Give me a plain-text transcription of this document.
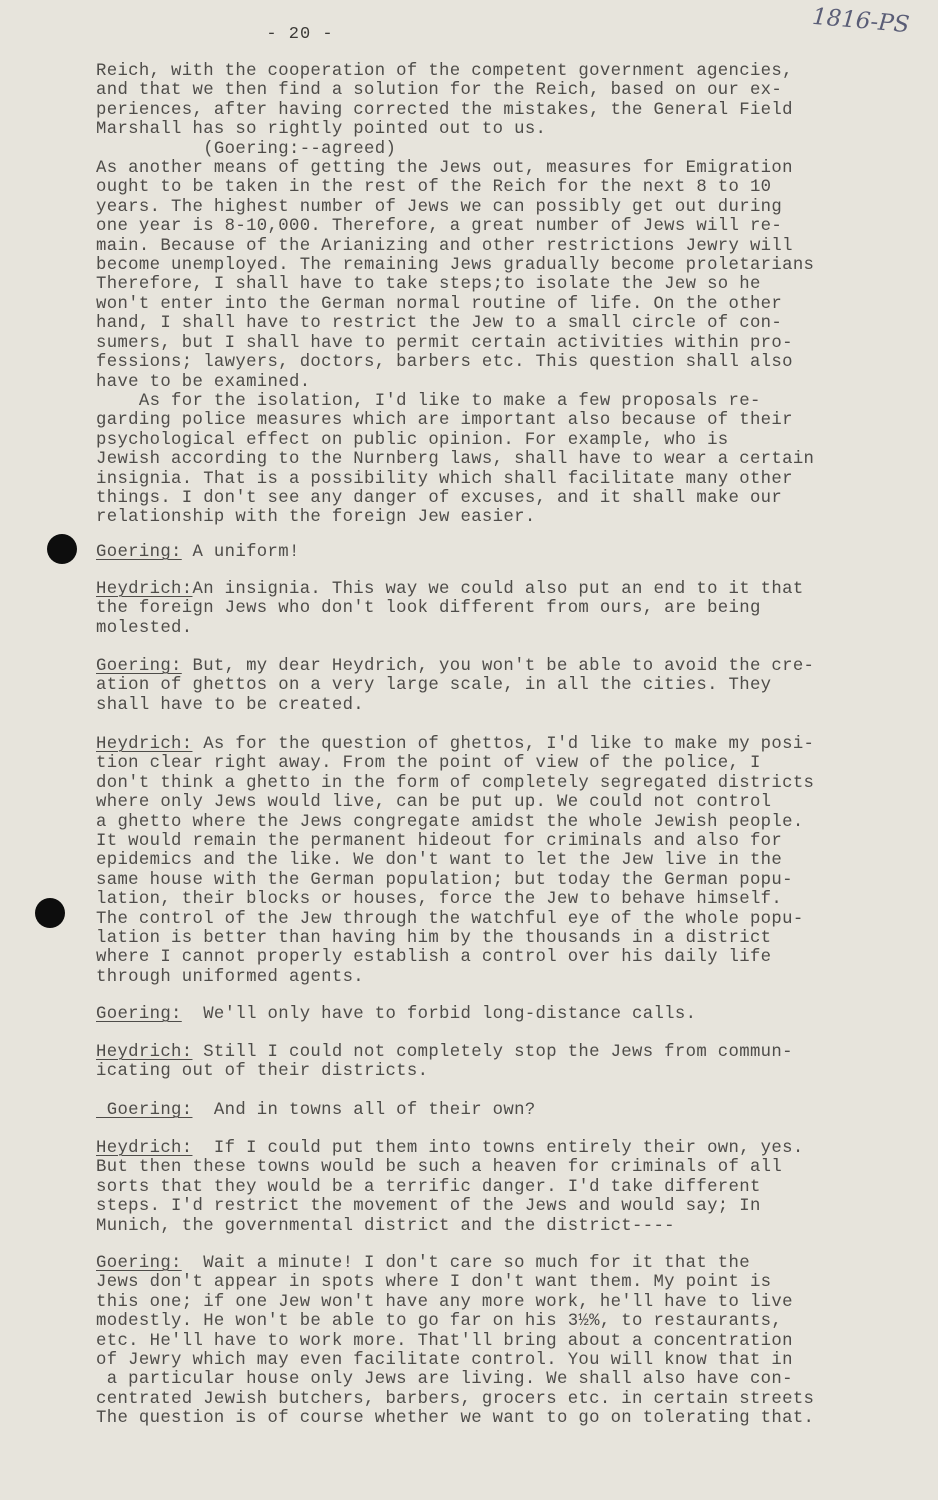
- 20 -	1816-PS
Reich, with the cooperation of the competent government agencies,
and that we then find a solution for the Reich, based on our ex-
periences, after having corrected the mistakes, the General Field
Marshall has so rightly pointed out to us.
(Goering:--agreed)
As another means of getting the Jews out, measures for Emigration
ought to be taken in the rest of the Reich for the next 8 to 10
years. The highest number of Jews we can possibly get out during
one year is 8-10,000. Therefore, a great number of Jews will re-
main. Because of the Arianizing and other restrictions Jewry will
become unemployed. The remaining Jews gradually become proletarians
Therefore, I shall have to take steps;to isolate the Jew so he
won't enter into the German normal routine of life. On the other
hand, I shall have to restrict the Jew to a small circle of con-
sumers, but I shall have to permit certain activities within pro-
fessions; lawyers, doctors, barbers etc. This question shall also
have to be examined.
As for the isolation, I'd like to make a few proposals re-
garding police measures which are important also because of their
psychological effect on public opinion. For example, who is
Jewish according to the Nurnberg laws, shall have to wear a certain
insignia. That is a possibility which shall facilitate many other
things. I don't see any danger of excuses, and it shall make our
relationship with the foreign Jew easier.
Goering: A uniform!
Heydrich:An insignia. This way we could also put an end to it that
the foreign Jews who don't look different from ours, are being
molested.
Goering: But, my dear Heydrich, you won't be able to avoid the cre-
ation of ghettos on a very large scale, in all the cities. They
shall have to be created.
Heydrich: As for the question of ghettos, I'd like to make my posi-
tion clear right away. From the point of view of the police, I
don't think a ghetto in the form of completely segregated districts
where only Jews would live, can be put up. We could not control
a ghetto where the Jews congregate amidst the whole Jewish people.
It would remain the permanent hideout for criminals and also for
epidemics and the like. We don't want to let the Jew live in the
same house with the German population; but today the German popu-
lation, their blocks or houses, force the Jew to behave himself.
The control of the Jew through the watchful eye of the whole popu-
lation is better than having him by the thousands in a district
where I cannot properly establish a control over his daily life
through uniformed agents.
Goering:  We'll only have to forbid long-distance calls.
Heydrich: Still I could not completely stop the Jews from commun-
icating out of their districts.
Goering:  And in towns all of their own?
Heydrich:  If I could put them into towns entirely their own, yes.
But then these towns would be such a heaven for criminals of all
sorts that they would be a terrific danger. I'd take different
steps. I'd restrict the movement of the Jews and would say; In
Munich, the governmental district and the district----
Goering:  Wait a minute! I don't care so much for it that the
Jews don't appear in spots where I don't want them. My point is
this one; if one Jew won't have any more work, he'll have to live
modestly. He won't be able to go far on his 3½%, to restaurants,
etc. He'll have to work more. That'll bring about a concentration
of Jewry which may even facilitate control. You will know that in
a particular house only Jews are living. We shall also have con-
centrated Jewish butchers, barbers, grocers etc. in certain streets
The question is of course whether we want to go on tolerating that.
